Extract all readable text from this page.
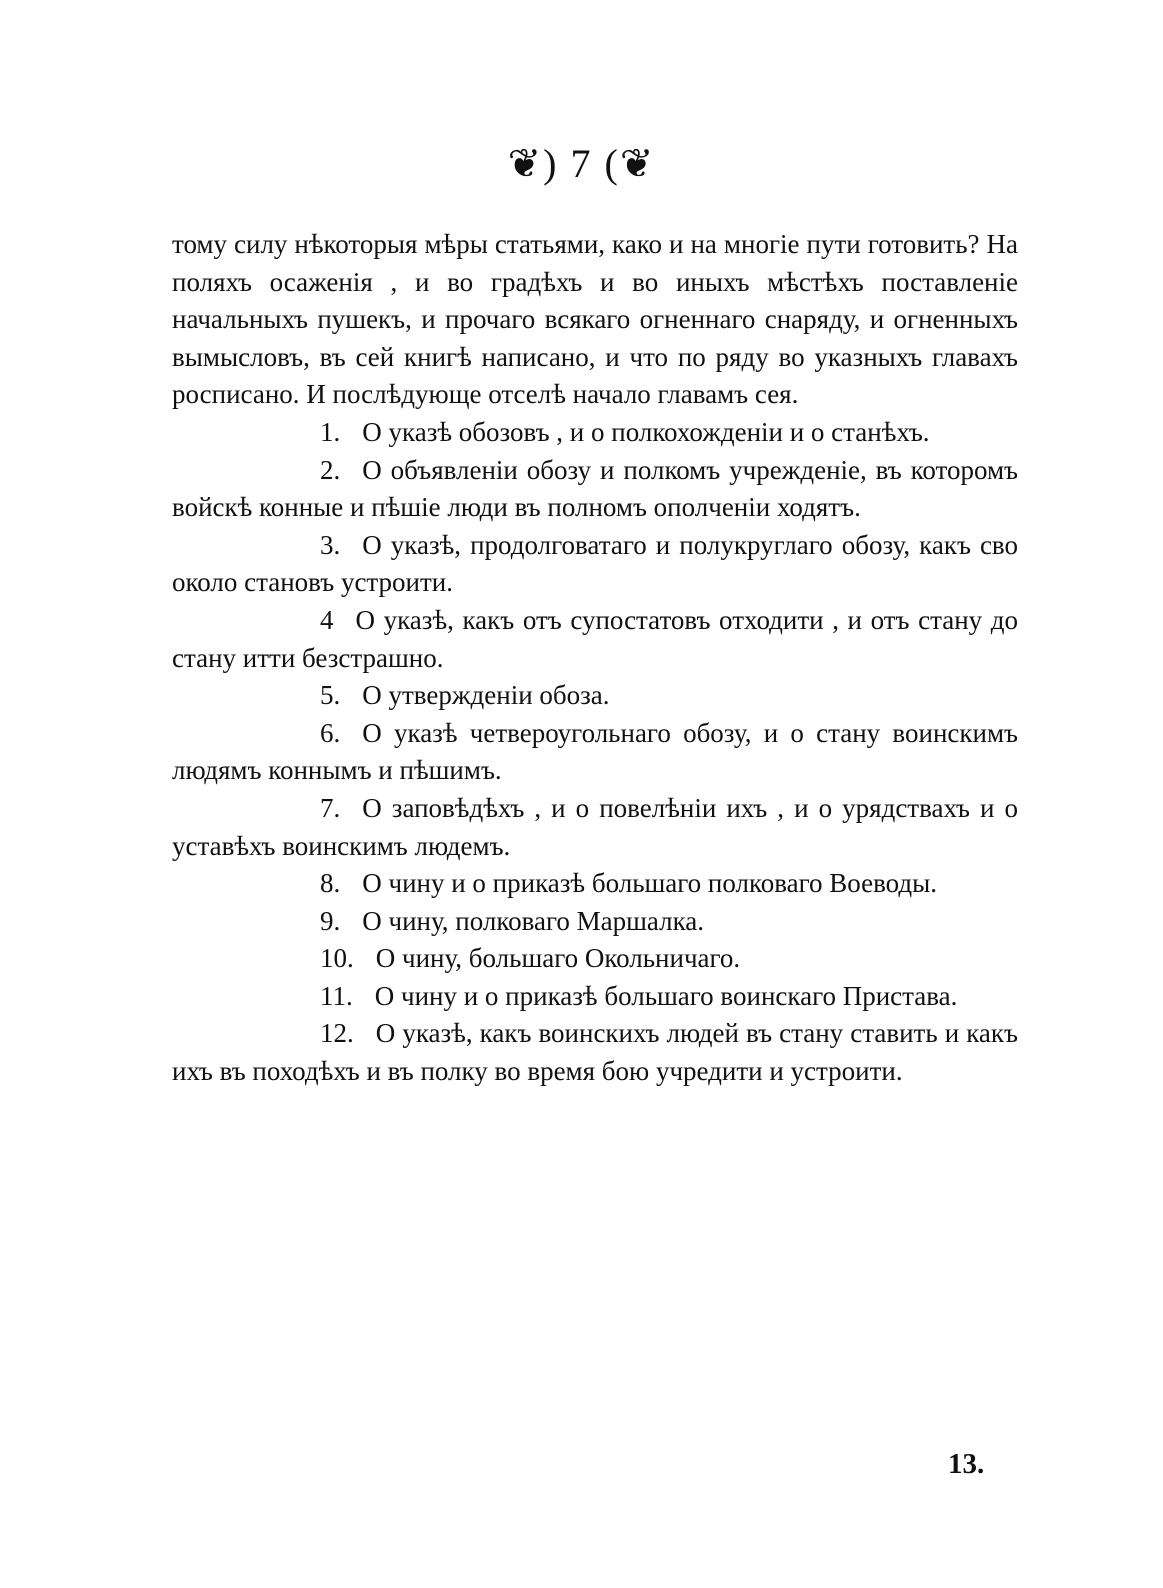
❦) 7 (❦

тому силу нѣкоторыя мѣры статьями, како и на многіе пути готовить? На поляхъ осаженія , и во градѣхъ и во иныхъ мѣстѣхъ поставленіе начальныхъ пушекъ, и прочаго всякаго огненнаго снаряду, и огненныхъ вымысловъ, въ сей книгѣ написано, и что по ряду во указныхъ главахъ росписано. И послѣдующе отселѣ начало главамъ сея.

1. О указѣ обозовъ , и о полкохожденіи и о станѣхъ.

2. О объявленіи обозу и полкомъ учрежденіе, въ которомъ войскѣ конные и пѣшіе люди въ полномъ ополченіи ходятъ.

3. О указѣ, продолговатаго и полукруглаго обозу, какъ сво около становъ устроити.

4 О указѣ, какъ отъ супостатовъ отходити , и отъ стану до стану итти безстрашно.

5. О утвержденіи обоза.

6. О указѣ четвероугольнаго обозу, и о стану воинскимъ людямъ коннымъ и пѣшимъ.

7. О заповѣдѣхъ , и о повелѣніи ихъ , и о урядствахъ и о уставѣхъ воинскимъ людемъ.

8. О чину и о приказѣ большаго полковаго Воеводы.

9. О чину, полковаго Маршалка.

10. О чину, большаго Окольничаго.

11. О чину и о приказѣ большаго воинскаго Пристава.

12. О указѣ, какъ воинскихъ людей въ стану ставить и какъ ихъ въ походѣхъ и въ полку во время бою учредити и устроити.

13.
